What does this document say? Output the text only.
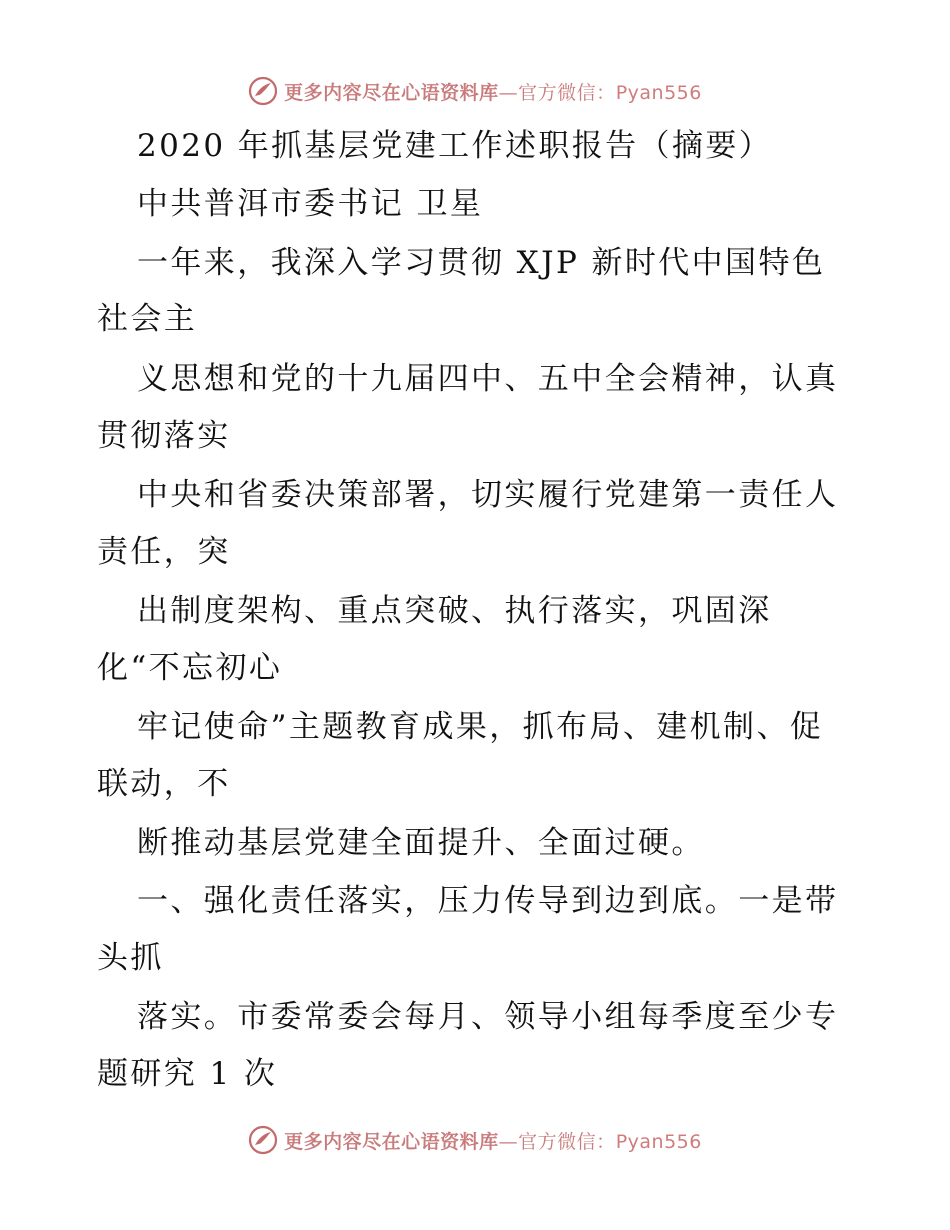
更多内容尽在心语资料库—官方微信：Pyan556
2020 年抓基层党建工作述职报告（摘要）
中共普洱市委书记 卫星
一年来，我深入学习贯彻 XJP 新时代中国特色
社会主
义思想和党的十九届四中、五中全会精神，认真
贯彻落实
中央和省委决策部署，切实履行党建第一责任人
责任，突
出制度架构、重点突破、执行落实，巩固深
化“不忘初心
牢记使命”主题教育成果，抓布局、建机制、促
联动，不
断推动基层党建全面提升、全面过硬。
一、强化责任落实，压力传导到边到底。一是带
头抓
落实。市委常委会每月、领导小组每季度至少专
题研究 1 次
更多内容尽在心语资料库—官方微信：Pyan556
